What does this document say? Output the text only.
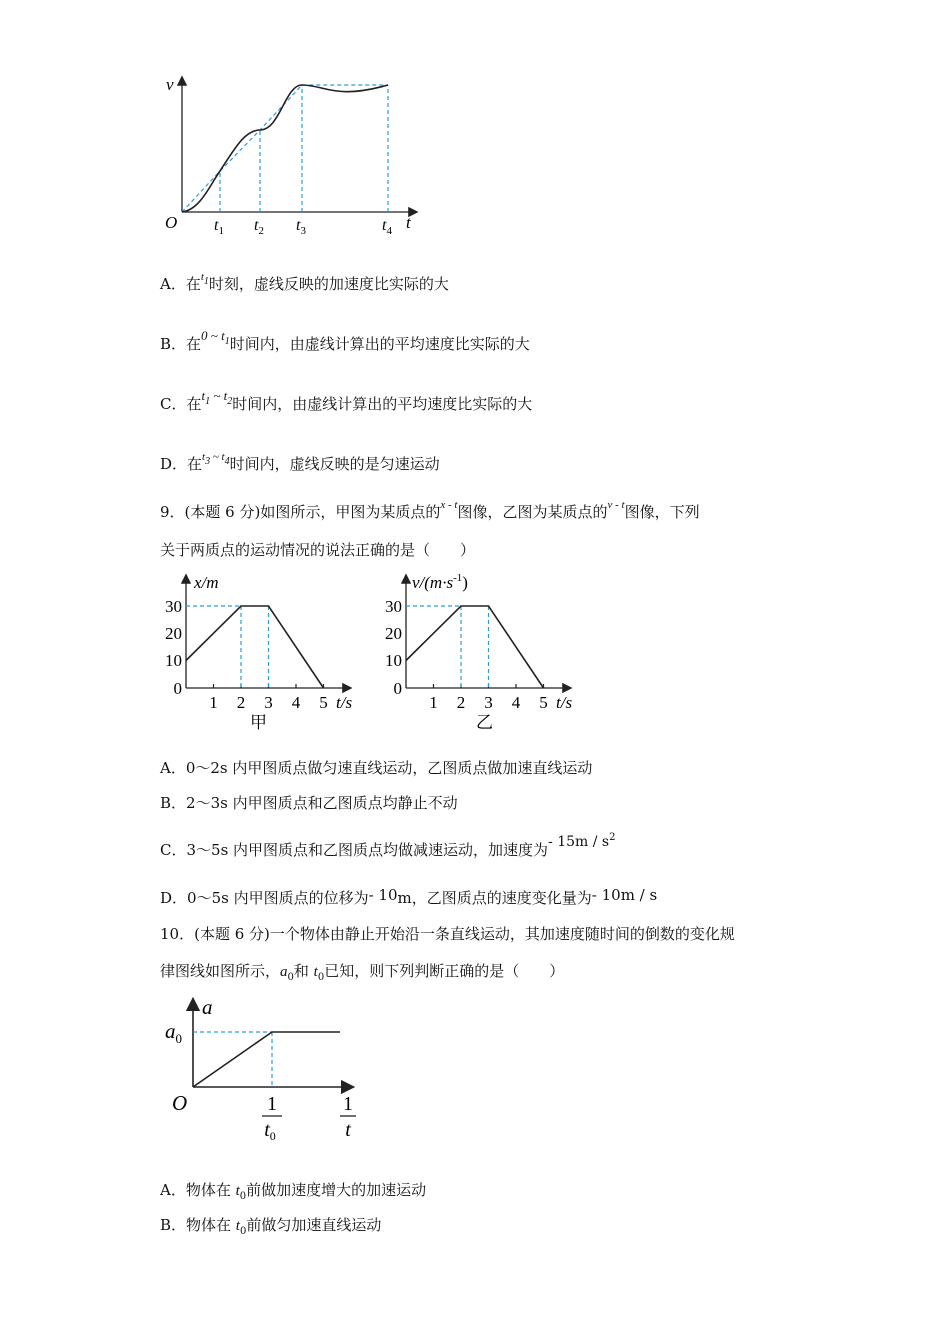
v
O	t
$t_1$ $t_2$ $t_3$	$t_4$
A．在$^{t1}$时刻，虚线反映的加速度比实际的大
B．在0 ~ $t_1$时间内，由虚线计算出的平均速度比实际的大
C．在$t_1$ ~ $t_2$时间内，由虚线计算出的平均速度比实际的大
D．在$^{t3 \sim t4}$时间内，虚线反映的是匀速运动
9．(本题 6 分)如图所示，甲图为某质点的$^{x - t}$图像，乙图为某质点的$^{v - t}$图像，下列
关于两质点的运动情况的说法正确的是（　　）
0
10
20
30
1 2 3 4 5
x/m
t/s
甲
0
10
20
30
1 2 3 4 5
$v/(m\cdot s^{-1})$
t/s
乙
A．0～2s 内甲图质点做匀速直线运动，乙图质点做加速直线运动
B．2～3s 内甲图质点和乙图质点均静止不动
C．3～5s 内甲图质点和乙图质点均做减速运动，加速度为- $15m / s^2$
D．0～5s 内甲图质点的位移为- 10m，乙图质点的速度变化量为- 10m / s
10．(本题 6 分)一个物体由静止开始沿一条直线运动，其加速度随时间的倒数的变化规
律图线如图所示，$a_0$和 $t_0$已知，则下列判断正确的是（　　）
a
$a_0$
O	1
$t_0$
1
t
A．物体在 $t_0$前做加速度增大的加速运动
B．物体在 $t_0$前做匀加速直线运动
